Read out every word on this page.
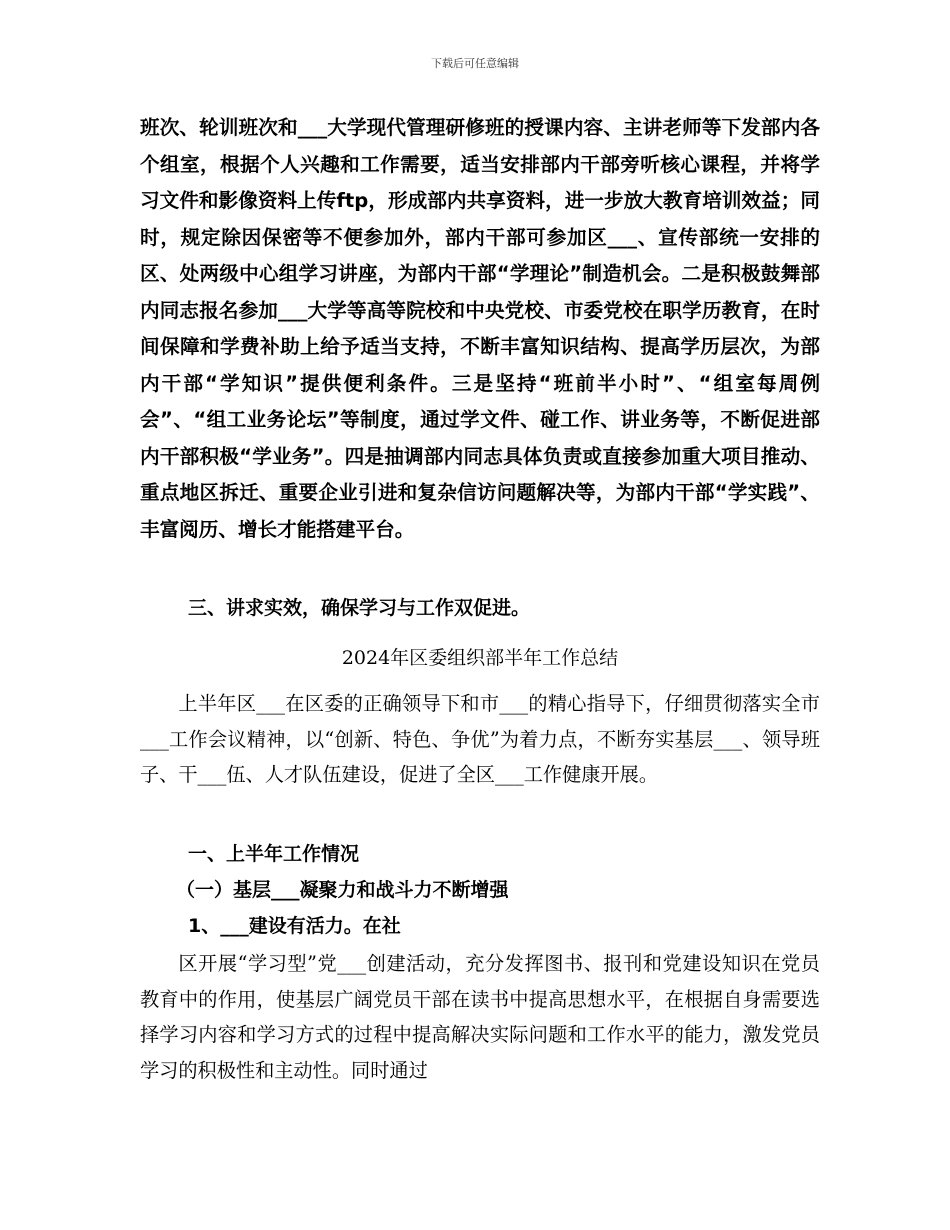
下载后可任意编辑

班次、轮训班次和___大学现代管理研修班的授课内容、主讲老师等下发部内各个组室，根据个人兴趣和工作需要，适当安排部内干部旁听核心课程，并将学习文件和影像资料上传ftp，形成部内共享资料，进一步放大教育培训效益；同时，规定除因保密等不便参加外，部内干部可参加区___、宣传部统一安排的区、处两级中心组学习讲座，为部内干部“学理论”制造机会。二是积极鼓舞部内同志报名参加___大学等高等院校和中央党校、市委党校在职学历教育，在时间保障和学费补助上给予适当支持，不断丰富知识结构、提高学历层次，为部内干部“学知识”提供便利条件。三是坚持“班前半小时”、“组室每周例会”、“组工业务论坛”等制度，通过学文件、碰工作、讲业务等，不断促进部内干部积极“学业务”。四是抽调部内同志具体负责或直接参加重大项目推动、重点地区拆迁、重要企业引进和复杂信访问题解决等，为部内干部“学实践”、丰富阅历、增长才能搭建平台。

三、讲求实效，确保学习与工作双促进。

2024年区委组织部半年工作总结

上半年区___在区委的正确领导下和市___的精心指导下，仔细贯彻落实全市___工作会议精神，以“创新、特色、争优”为着力点，不断夯实基层___、领导班子、干___伍、人才队伍建设，促进了全区___工作健康开展。

一、上半年工作情况

（一）基层___凝聚力和战斗力不断增强

1、___建设有活力。在社

区开展“学习型”党___创建活动，充分发挥图书、报刊和党建设知识在党员教育中的作用，使基层广阔党员干部在读书中提高思想水平，在根据自身需要选择学习内容和学习方式的过程中提高解决实际问题和工作水平的能力，激发党员学习的积极性和主动性。同时通过
